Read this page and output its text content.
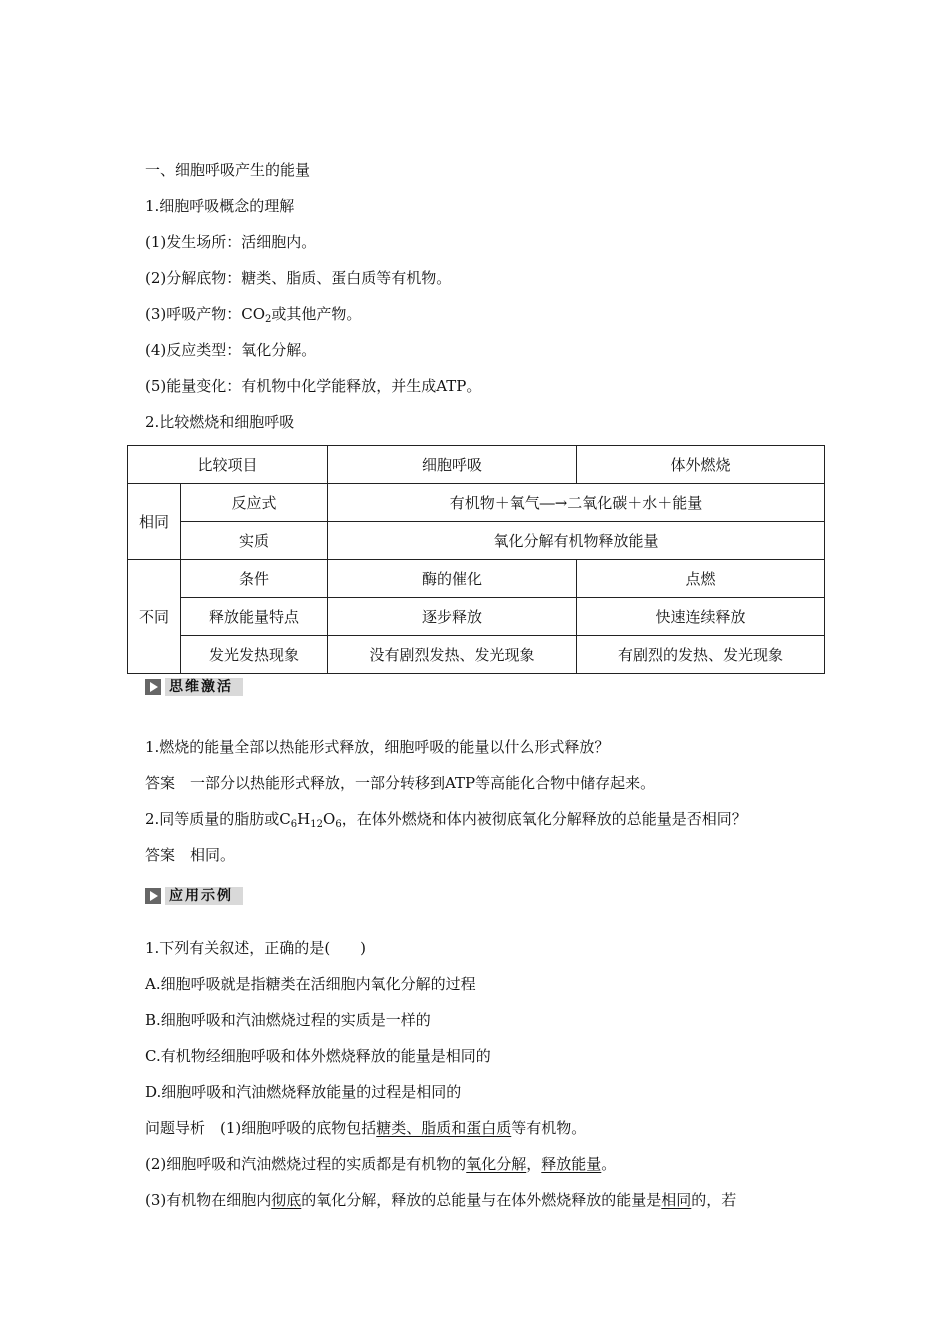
一、细胞呼吸产生的能量
1.细胞呼吸概念的理解
(1)发生场所：活细胞内。
(2)分解底物：糖类、脂质、蛋白质等有机物。
(3)呼吸产物：$CO_2$或其他产物。
(4)反应类型：氧化分解。
(5)能量变化：有机物中化学能释放，并生成ATP。
2.比较燃烧和细胞呼吸
比较项目		细胞呼吸	体外燃烧
相同	反应式	有机物＋氧气―→二氧化碳＋水＋能量	
	实质	氧化分解有机物释放能量	
不同	条件	酶的催化	点燃
	释放能量特点	逐步释放	快速连续释放
	发光发热现象	没有剧烈发热、发光现象	有剧烈的发热、发光现象
思维激活
1.燃烧的能量全部以热能形式释放，细胞呼吸的能量以什么形式释放？
答案　一部分以热能形式释放，一部分转移到ATP等高能化合物中储存起来。
2.同等质量的脂肪或$C_6H_{12}O_6$，在体外燃烧和体内被彻底氧化分解释放的总能量是否相同？
答案　相同。
应用示例
1.下列有关叙述，正确的是(　　)
A.细胞呼吸就是指糖类在活细胞内氧化分解的过程
B.细胞呼吸和汽油燃烧过程的实质是一样的
C.有机物经细胞呼吸和体外燃烧释放的能量是相同的
D.细胞呼吸和汽油燃烧释放能量的过程是相同的
问题导析　(1)细胞呼吸的底物包括糖类、脂质和蛋白质等有机物。
(2)细胞呼吸和汽油燃烧过程的实质都是有机物的氧化分解，释放能量。
(3)有机物在细胞内彻底的氧化分解，释放的总能量与在体外燃烧释放的能量是相同的，若
